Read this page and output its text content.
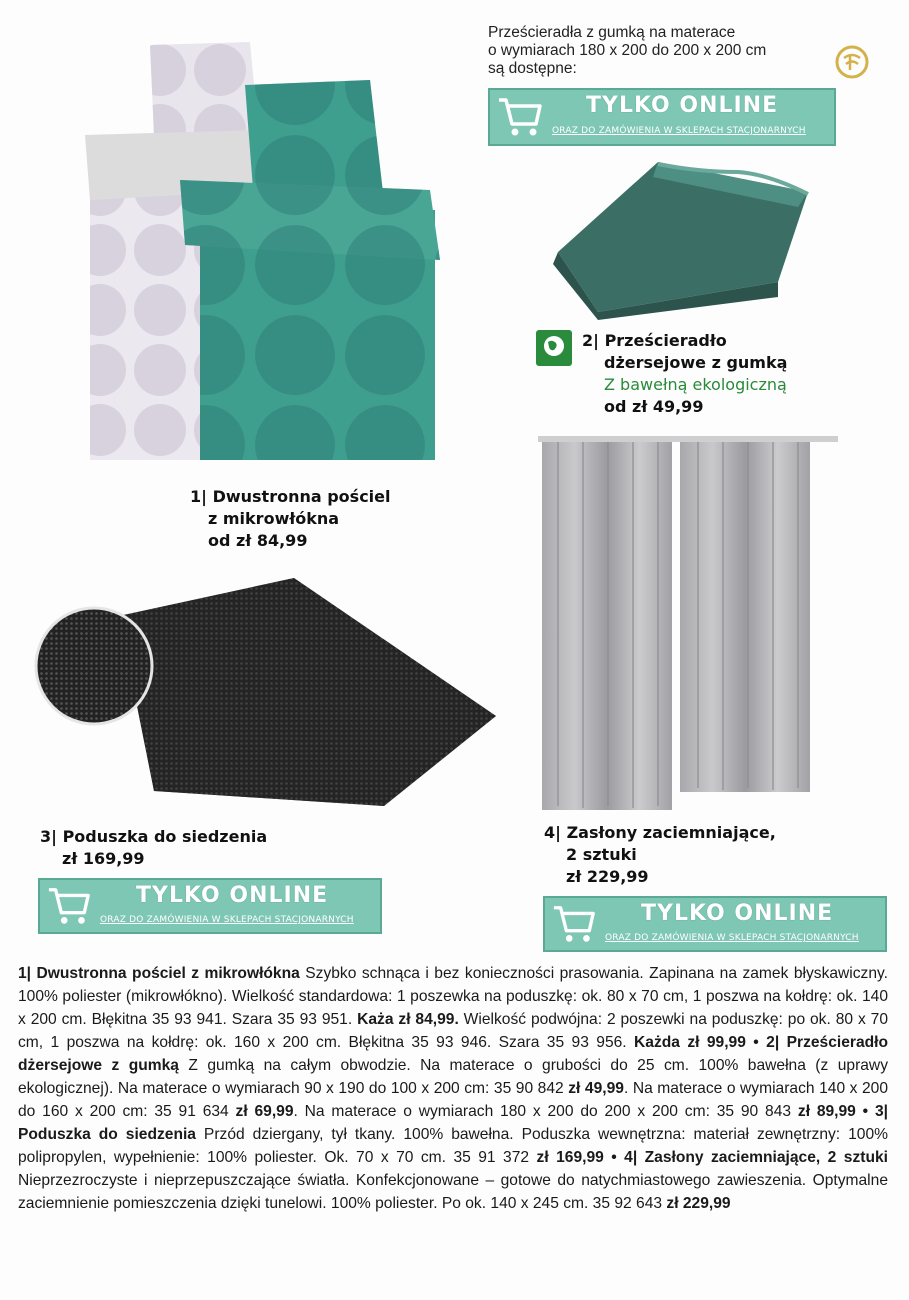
Prześcieradła z gumką na materace
o wymiarach 180 x 200 do 200 x 200 cm
są dostępne:
TYLKO ONLINE
ORAZ DO ZAMÓWIENIA W SKLEPACH STACJONARNYCH
2| Prześcieradło
dżersejowe z gumką
Z bawełną ekologiczną
od zł 49,99
1| Dwustronna pościel
z mikrowłókna
od zł 84,99
3| Poduszka do siedzenia
zł 169,99
4| Zasłony zaciemniające,
2 sztuki
zł 229,99
TYLKO ONLINE
ORAZ DO ZAMÓWIENIA W SKLEPACH STACJONARNYCH	TYLKO ONLINE
ORAZ DO ZAMÓWIENIA W SKLEPACH STACJONARNYCH

1| Dwustronna pościel z mikrowłókna Szybko schnąca i bez konieczności prasowania. Zapinana na zamek błyskawiczny. 100% poliester (mikrowłókno). Wielkość standardowa: 1 poszewka na poduszkę: ok. 80 x 70 cm, 1 poszwa na kołdrę: ok. 140 x 200 cm. Błękitna 35 93 941. Szara 35 93 951. Każa zł 84,99. Wielkość podwójna: 2 poszewki na poduszkę: po ok. 80 x 70 cm, 1 poszwa na kołdrę: ok. 160 x 200 cm. Błękitna 35 93 946. Szara 35 93 956. Każda zł 99,99 • 2| Prześcieradło dżersejowe z gumką Z gumką na całym obwodzie. Na materace o grubości do 25 cm. 100% bawełna (z uprawy ekologicznej). Na materace o wymiarach 90 x 190 do 100 x 200 cm: 35 90 842 zł 49,99. Na materace o wymiarach 140 x 200 do 160 x 200 cm: 35 91 634 zł 69,99. Na materace o wymiarach 180 x 200 do 200 x 200 cm: 35 90 843 zł 89,99 • 3| Poduszka do siedzenia Przód dziergany, tył tkany. 100% bawełna. Poduszka wewnętrzna: materiał zewnętrzny: 100% polipropylen, wypełnienie: 100% poliester. Ok. 70 x 70 cm. 35 91 372 zł 169,99 • 4| Zasłony zaciemniające, 2 sztuki Nieprzezroczyste i nieprzepuszczające światła. Konfekcjonowane – gotowe do natychmiastowego zawieszenia. Optymalne zaciemnienie pomieszczenia dzięki tunelowi. 100% poliester. Po ok. 140 x 245 cm. 35 92 643 zł 229,99
